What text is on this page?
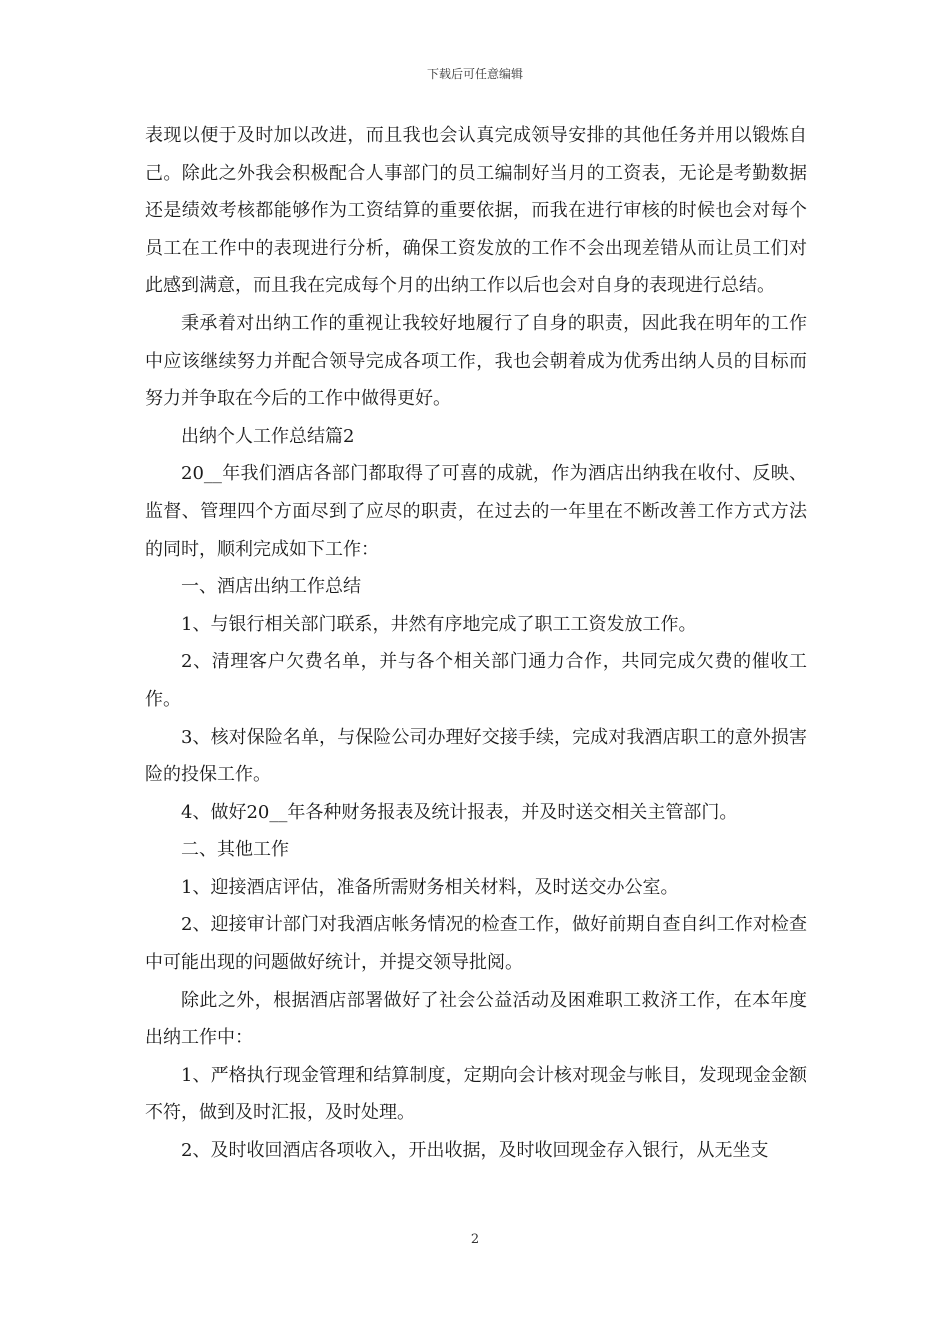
下载后可任意编辑

表现以便于及时加以改进，而且我也会认真完成领导安排的其他任务并用以锻炼自己。除此之外我会积极配合人事部门的员工编制好当月的工资表，无论是考勤数据还是绩效考核都能够作为工资结算的重要依据，而我在进行审核的时候也会对每个员工在工作中的表现进行分析，确保工资发放的工作不会出现差错从而让员工们对此感到满意，而且我在完成每个月的出纳工作以后也会对自身的表现进行总结。

秉承着对出纳工作的重视让我较好地履行了自身的职责，因此我在明年的工作中应该继续努力并配合领导完成各项工作，我也会朝着成为优秀出纳人员的目标而努力并争取在今后的工作中做得更好。

出纳个人工作总结篇2

20__年我们酒店各部门都取得了可喜的成就，作为酒店出纳我在收付、反映、监督、管理四个方面尽到了应尽的职责，在过去的一年里在不断改善工作方式方法的同时，顺利完成如下工作：

一、酒店出纳工作总结

1、与银行相关部门联系，井然有序地完成了职工工资发放工作。

2、清理客户欠费名单，并与各个相关部门通力合作，共同完成欠费的催收工作。

3、核对保险名单，与保险公司办理好交接手续，完成对我酒店职工的意外损害险的投保工作。

4、做好20__年各种财务报表及统计报表，并及时送交相关主管部门。

二、其他工作

1、迎接酒店评估，准备所需财务相关材料，及时送交办公室。

2、迎接审计部门对我酒店帐务情况的检查工作，做好前期自查自纠工作对检查中可能出现的问题做好统计，并提交领导批阅。

除此之外，根据酒店部署做好了社会公益活动及困难职工救济工作，在本年度出纳工作中：

1、严格执行现金管理和结算制度，定期向会计核对现金与帐目，发现现金金额不符，做到及时汇报，及时处理。

2、及时收回酒店各项收入，开出收据，及时收回现金存入银行，从无坐支

2
